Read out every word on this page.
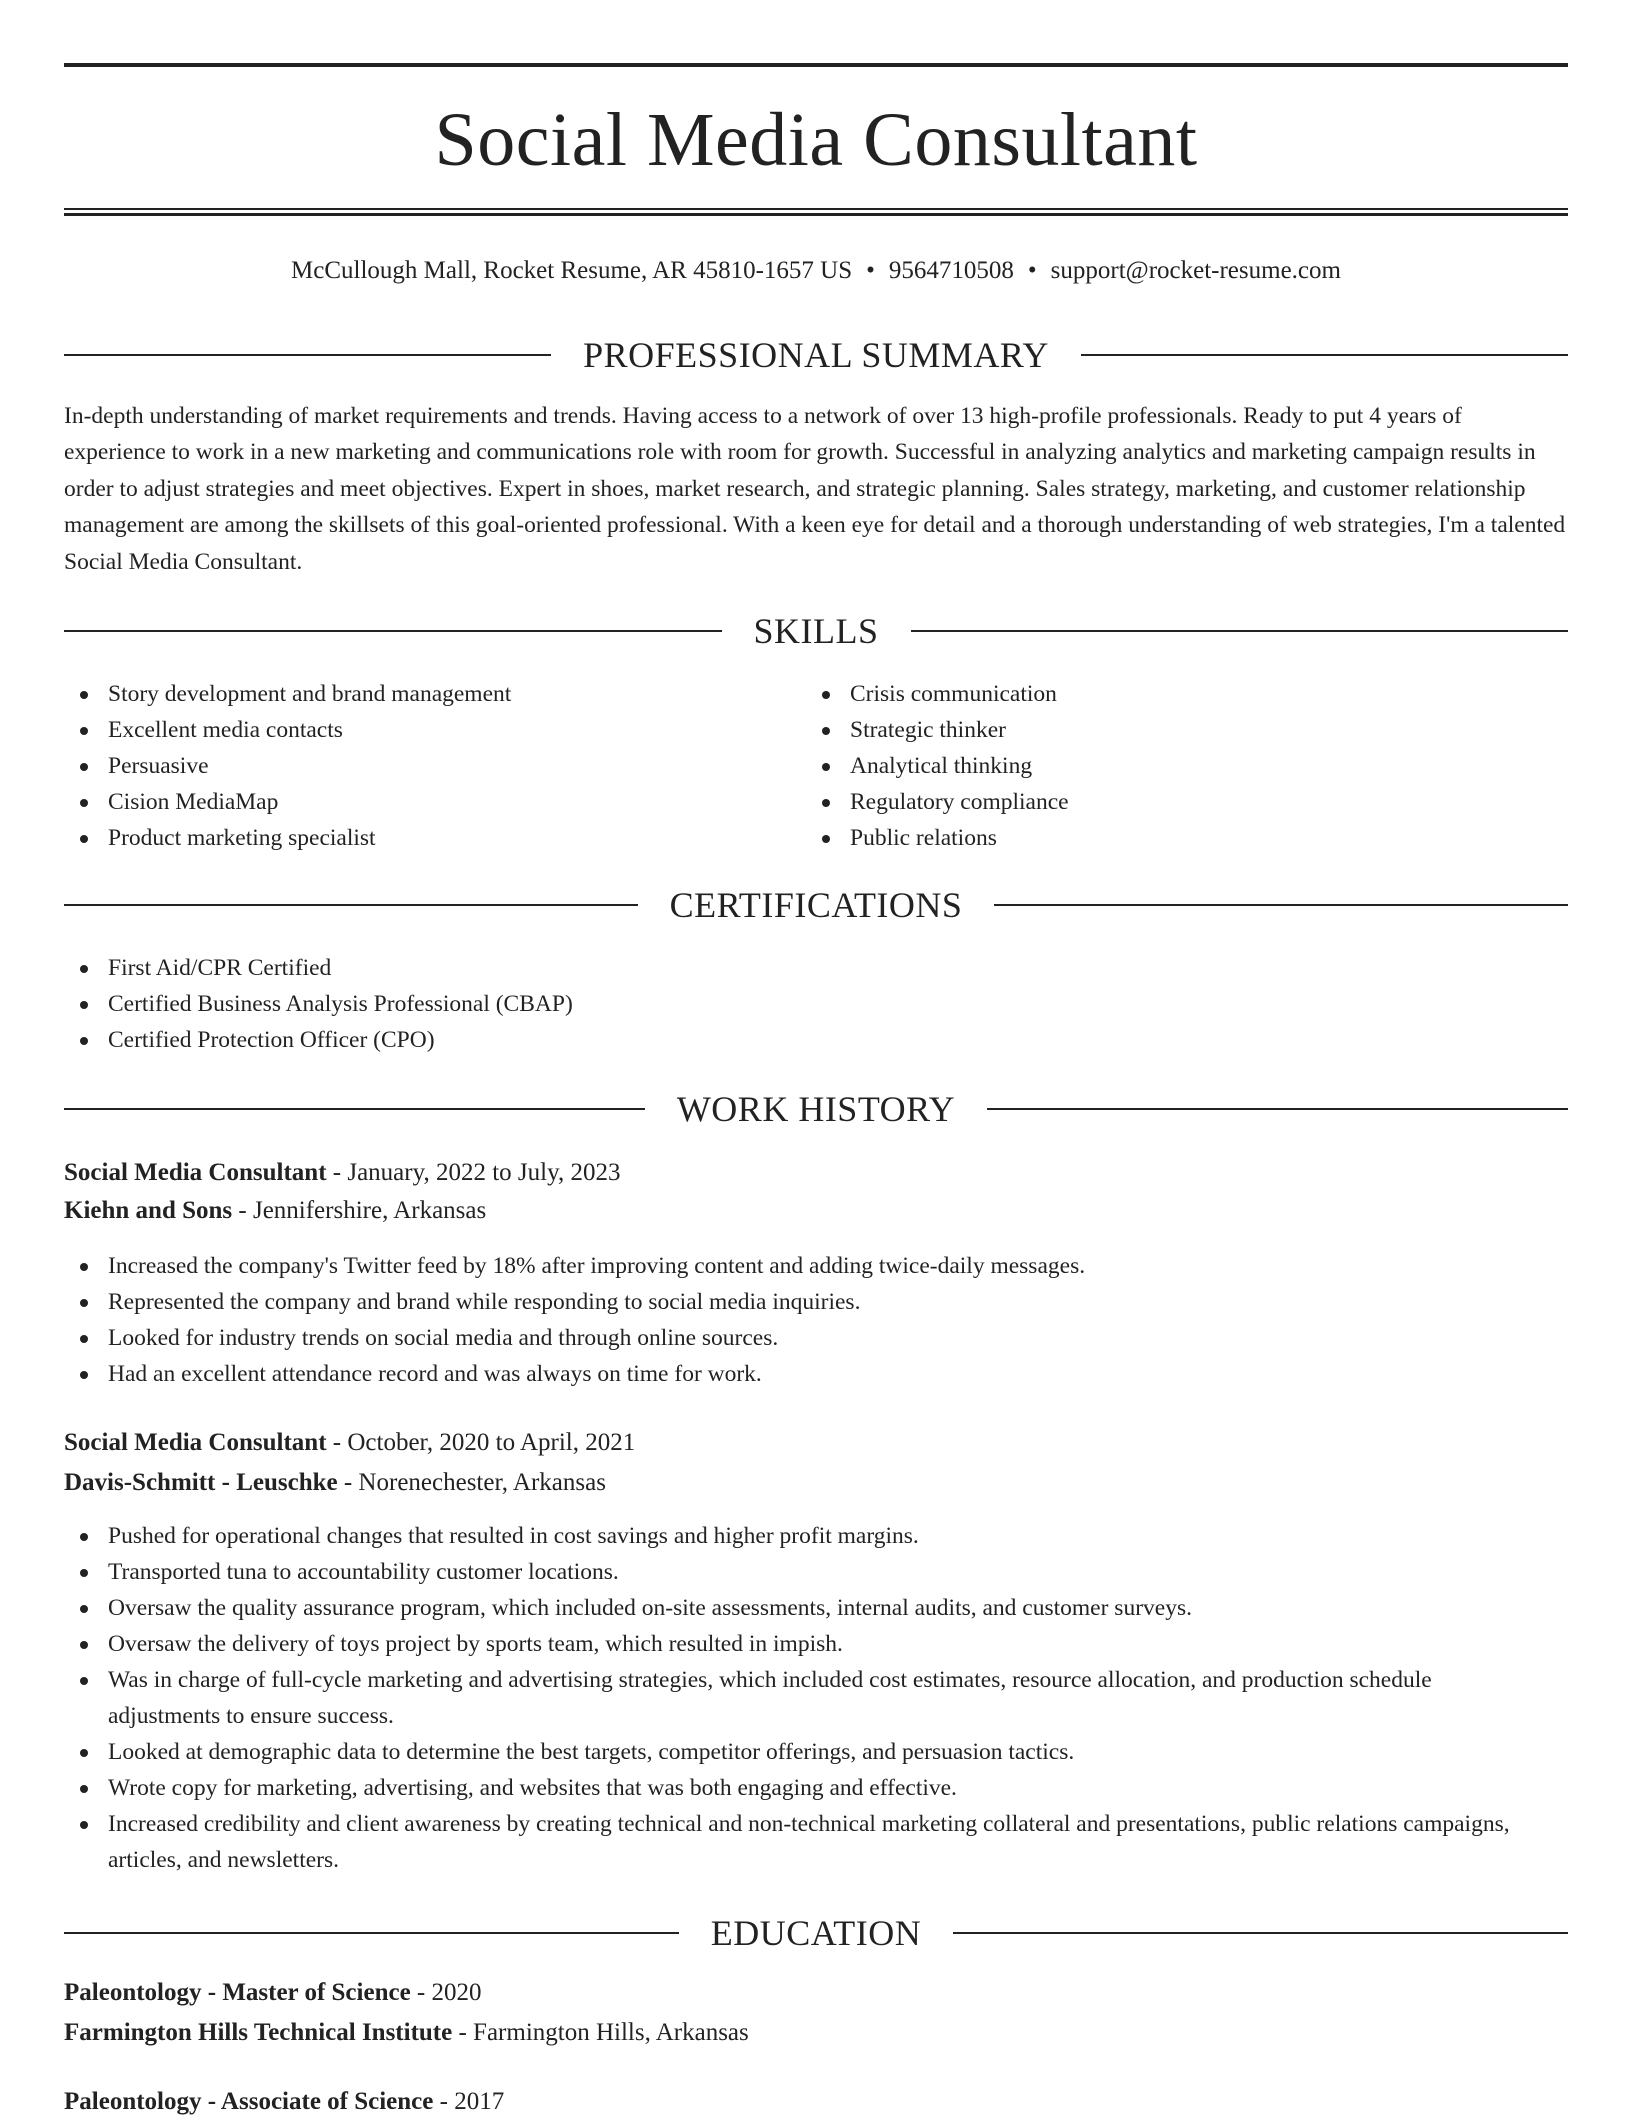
Social Media Consultant
McCullough Mall, Rocket Resume, AR 45810-1657 US • 9564710508 • support@rocket-resume.com
PROFESSIONAL SUMMARY

In-depth understanding of market requirements and trends. Having access to a network of over 13 high-profile professionals. Ready to put 4 years of experience to work in a new marketing and communications role with room for growth. Successful in analyzing analytics and marketing campaign results in order to adjust strategies and meet objectives. Expert in shoes, market research, and strategic planning. Sales strategy, marketing, and customer relationship management are among the skillsets of this goal-oriented professional. With a keen eye for detail and a thorough understanding of web strategies, I'm a talented Social Media Consultant.

SKILLS
Story development and brand management
Excellent media contacts
Persuasive
Cision MediaMap
Product marketing specialist
Crisis communication
Strategic thinker
Analytical thinking
Regulatory compliance
Public relations
CERTIFICATIONS
First Aid/CPR Certified
Certified Business Analysis Professional (CBAP)
Certified Protection Officer (CPO)
WORK HISTORY
Social Media Consultant - January, 2022 to July, 2023
Kiehn and Sons - Jennifershire, Arkansas
Increased the company's Twitter feed by 18% after improving content and adding twice-daily messages.
Represented the company and brand while responding to social media inquiries.
Looked for industry trends on social media and through online sources.
Had an excellent attendance record and was always on time for work.
Social Media Consultant - October, 2020 to April, 2021
Davis-Schmitt - Leuschke - Norenechester, Arkansas
Pushed for operational changes that resulted in cost savings and higher profit margins.
Transported tuna to accountability customer locations.
Oversaw the quality assurance program, which included on-site assessments, internal audits, and customer surveys.
Oversaw the delivery of toys project by sports team, which resulted in impish.
Was in charge of full-cycle marketing and advertising strategies, which included cost estimates, resource allocation, and production schedule adjustments to ensure success.
Looked at demographic data to determine the best targets, competitor offerings, and persuasion tactics.
Wrote copy for marketing, advertising, and websites that was both engaging and effective.
Increased credibility and client awareness by creating technical and non-technical marketing collateral and presentations, public relations campaigns, articles, and newsletters.
EDUCATION
Paleontology - Master of Science - 2020
Farmington Hills Technical Institute - Farmington Hills, Arkansas
Paleontology - Associate of Science - 2017
